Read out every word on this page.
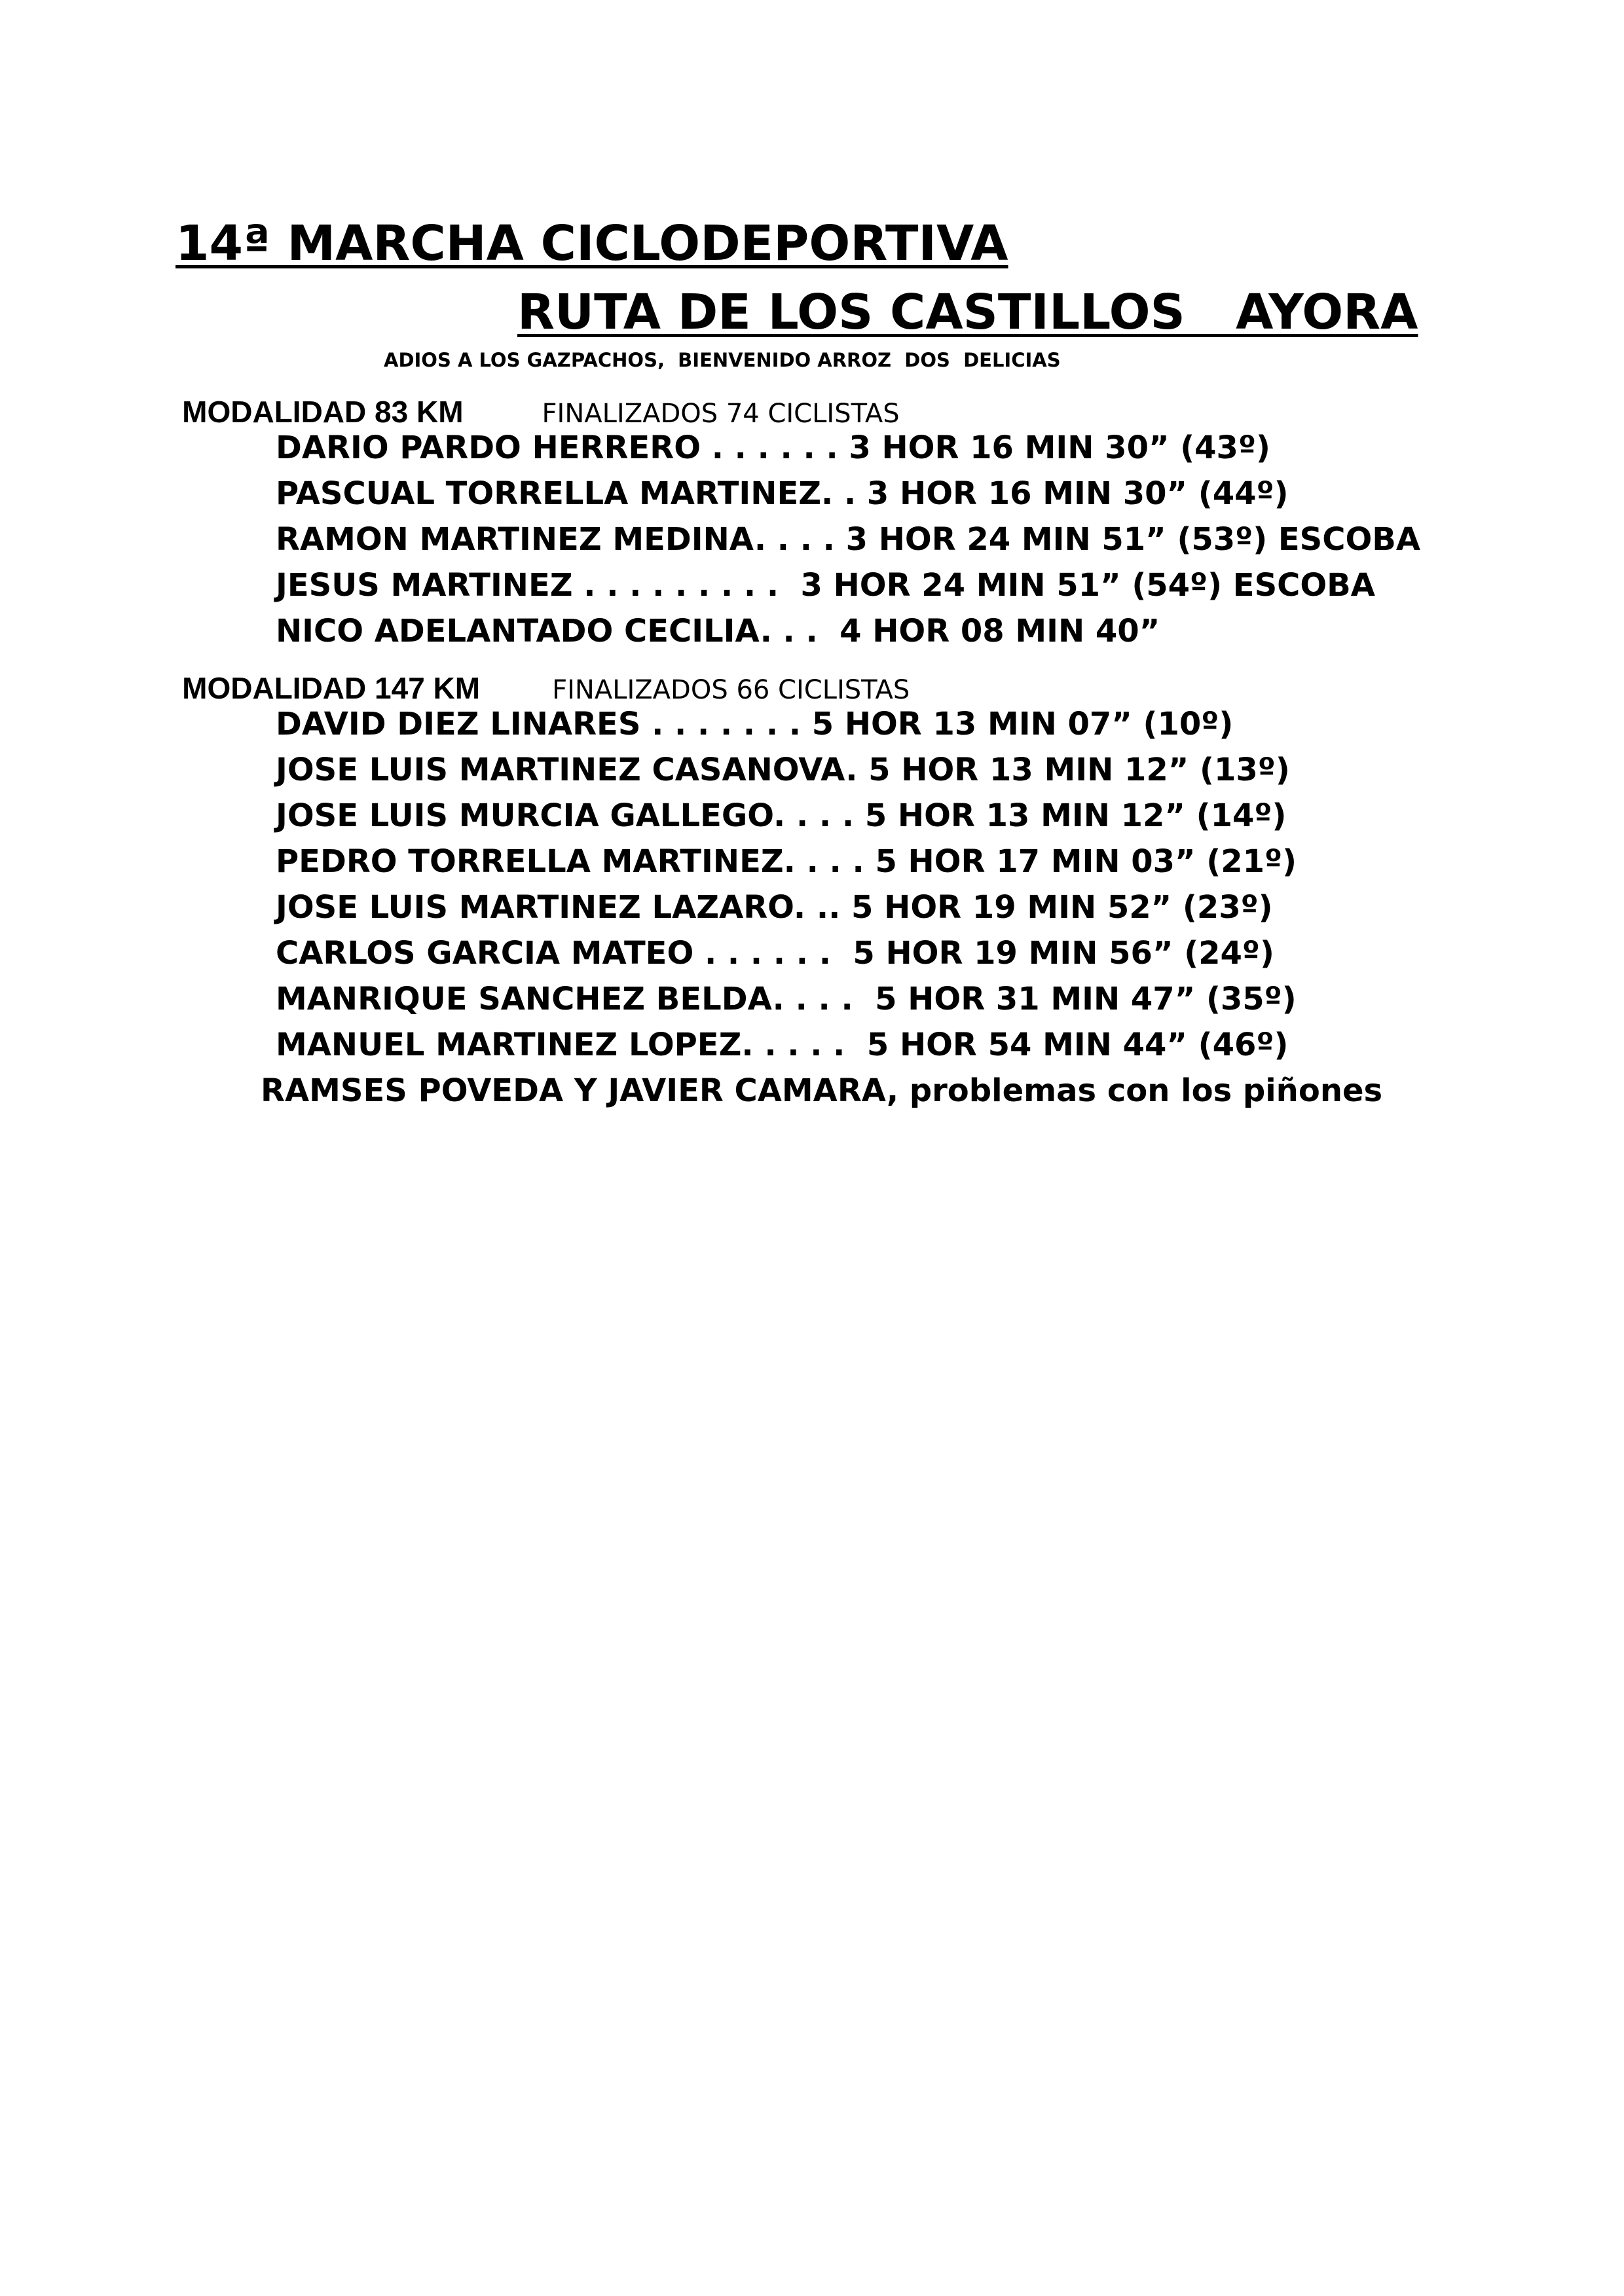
14ª MARCHA CICLODEPORTIVA
RUTA DE LOS CASTILLOS   AYORA
ADIOS A LOS GAZPACHOS,  BIENVENIDO ARROZ  DOS  DELICIAS

MODALIDAD 83 KM	FINALIZADOS 74 CICLISTAS

DARIO PARDO HERRERO . . . . . . 3 HOR 16 MIN 30” (43º)
PASCUAL TORRELLA MARTINEZ. . 3 HOR 16 MIN 30” (44º)
RAMON MARTINEZ MEDINA. . . . 3 HOR 24 MIN 51” (53º) ESCOBA
JESUS MARTINEZ . . . . . . . . .  3 HOR 24 MIN 51” (54º) ESCOBA
NICO ADELANTADO CECILIA. . .  4 HOR 08 MIN 40”

MODALIDAD 147 KM	FINALIZADOS 66 CICLISTAS

DAVID DIEZ LINARES . . . . . . . 5 HOR 13 MIN 07” (10º)
JOSE LUIS MARTINEZ CASANOVA. 5 HOR 13 MIN 12” (13º)
JOSE LUIS MURCIA GALLEGO. . . . 5 HOR 13 MIN 12” (14º)
PEDRO TORRELLA MARTINEZ. . . . 5 HOR 17 MIN 03” (21º)
JOSE LUIS MARTINEZ LAZARO. .. 5 HOR 19 MIN 52” (23º)
CARLOS GARCIA MATEO . . . . . .  5 HOR 19 MIN 56” (24º)
MANRIQUE SANCHEZ BELDA. . . .  5 HOR 31 MIN 47” (35º)
MANUEL MARTINEZ LOPEZ. . . . .  5 HOR 54 MIN 44” (46º)
RAMSES POVEDA Y JAVIER CAMARA, problemas con los piñones
